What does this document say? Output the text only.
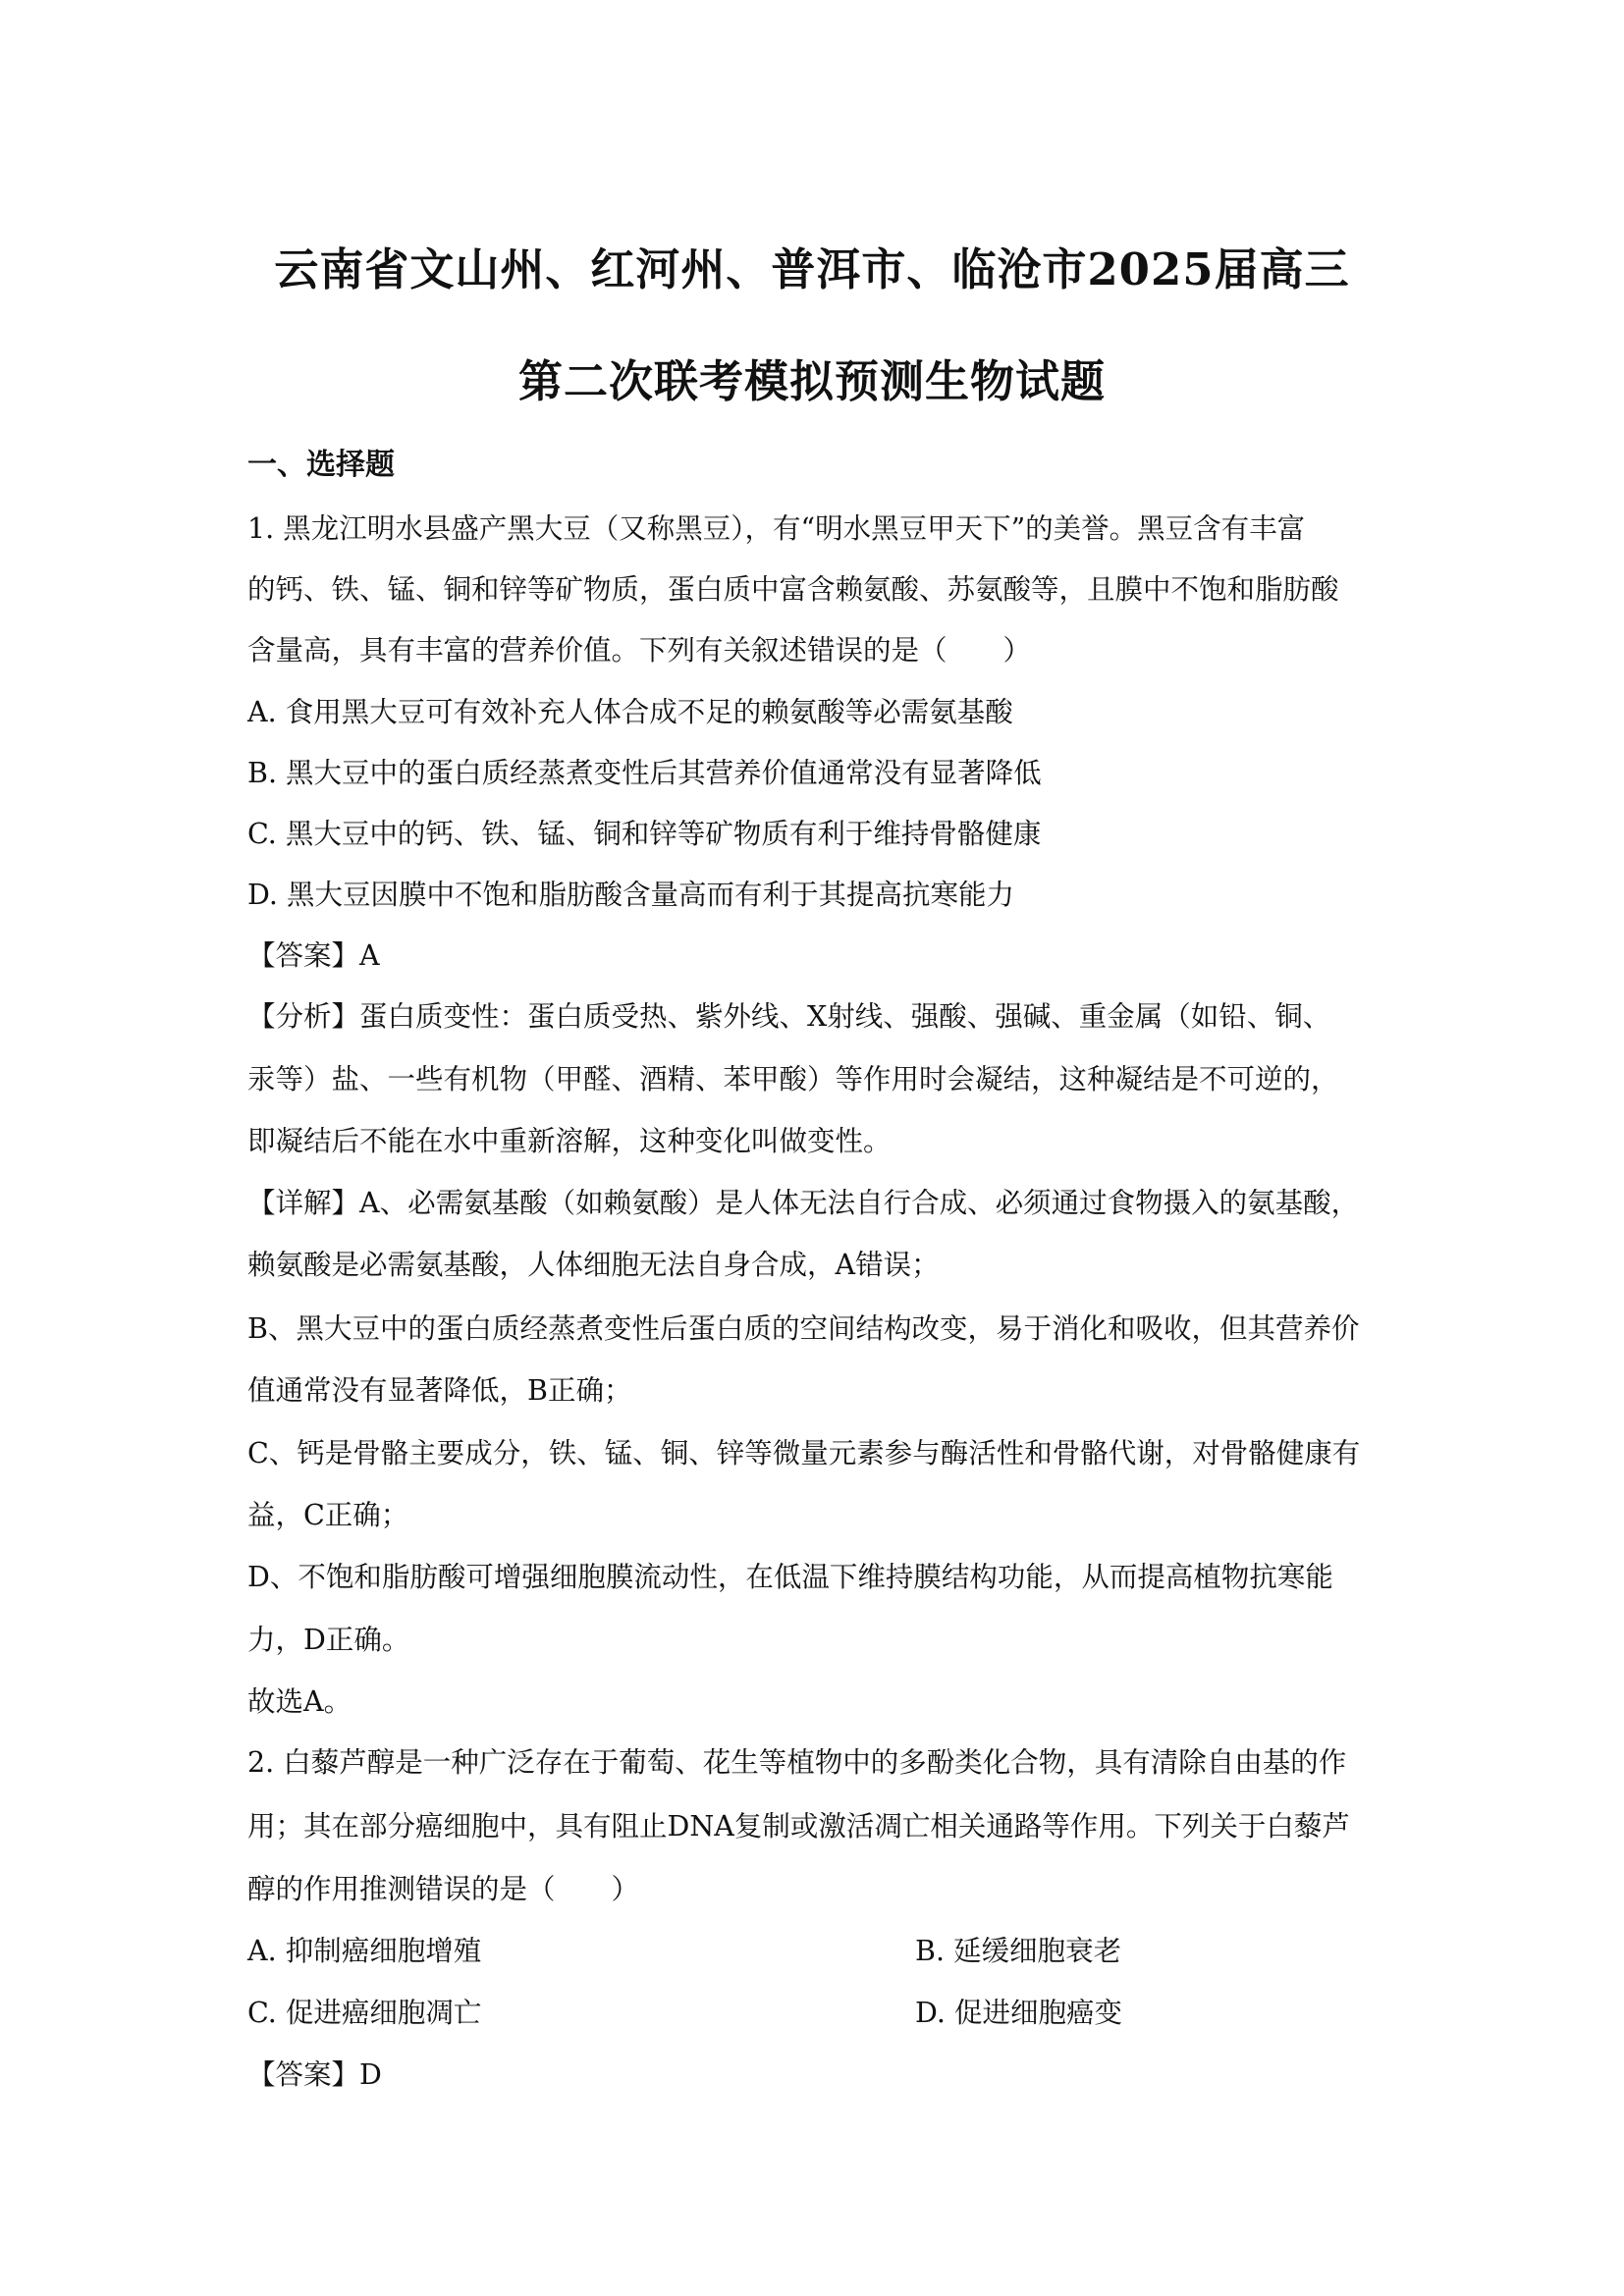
云南省文山州、红河州、普洱市、临沧市2025届高三
第二次联考模拟预测生物试题
一、选择题
1. 黑龙江明水县盛产黑大豆（又称黑豆），有“明水黑豆甲天下”的美誉。黑豆含有丰富
的钙、铁、锰、铜和锌等矿物质，蛋白质中富含赖氨酸、苏氨酸等，且膜中不饱和脂肪酸
含量高，具有丰富的营养价值。下列有关叙述错误的是（　　）
A. 食用黑大豆可有效补充人体合成不足的赖氨酸等必需氨基酸
B. 黑大豆中的蛋白质经蒸煮变性后其营养价值通常没有显著降低
C. 黑大豆中的钙、铁、锰、铜和锌等矿物质有利于维持骨骼健康
D. 黑大豆因膜中不饱和脂肪酸含量高而有利于其提高抗寒能力
【答案】A
【分析】蛋白质变性：蛋白质受热、紫外线、X射线、强酸、强碱、重金属（如铅、铜、
汞等）盐、一些有机物（甲醛、酒精、苯甲酸）等作用时会凝结，这种凝结是不可逆的，
即凝结后不能在水中重新溶解，这种变化叫做变性。
【详解】A、必需氨基酸（如赖氨酸）是人体无法自行合成、必须通过食物摄入的氨基酸，
赖氨酸是必需氨基酸，人体细胞无法自身合成，A错误；
B、黑大豆中的蛋白质经蒸煮变性后蛋白质的空间结构改变，易于消化和吸收，但其营养价
值通常没有显著降低，B正确；
C、钙是骨骼主要成分，铁、锰、铜、锌等微量元素参与酶活性和骨骼代谢，对骨骼健康有
益，C正确；
D、不饱和脂肪酸可增强细胞膜流动性，在低温下维持膜结构功能，从而提高植物抗寒能
力，D正确。
故选A。
2. 白藜芦醇是一种广泛存在于葡萄、花生等植物中的多酚类化合物，具有清除自由基的作
用；其在部分癌细胞中，具有阻止DNA复制或激活凋亡相关通路等作用。下列关于白藜芦
醇的作用推测错误的是（　　）
A. 抑制癌细胞增殖	B. 延缓细胞衰老
C. 促进癌细胞凋亡	D. 促进细胞癌变
【答案】D
